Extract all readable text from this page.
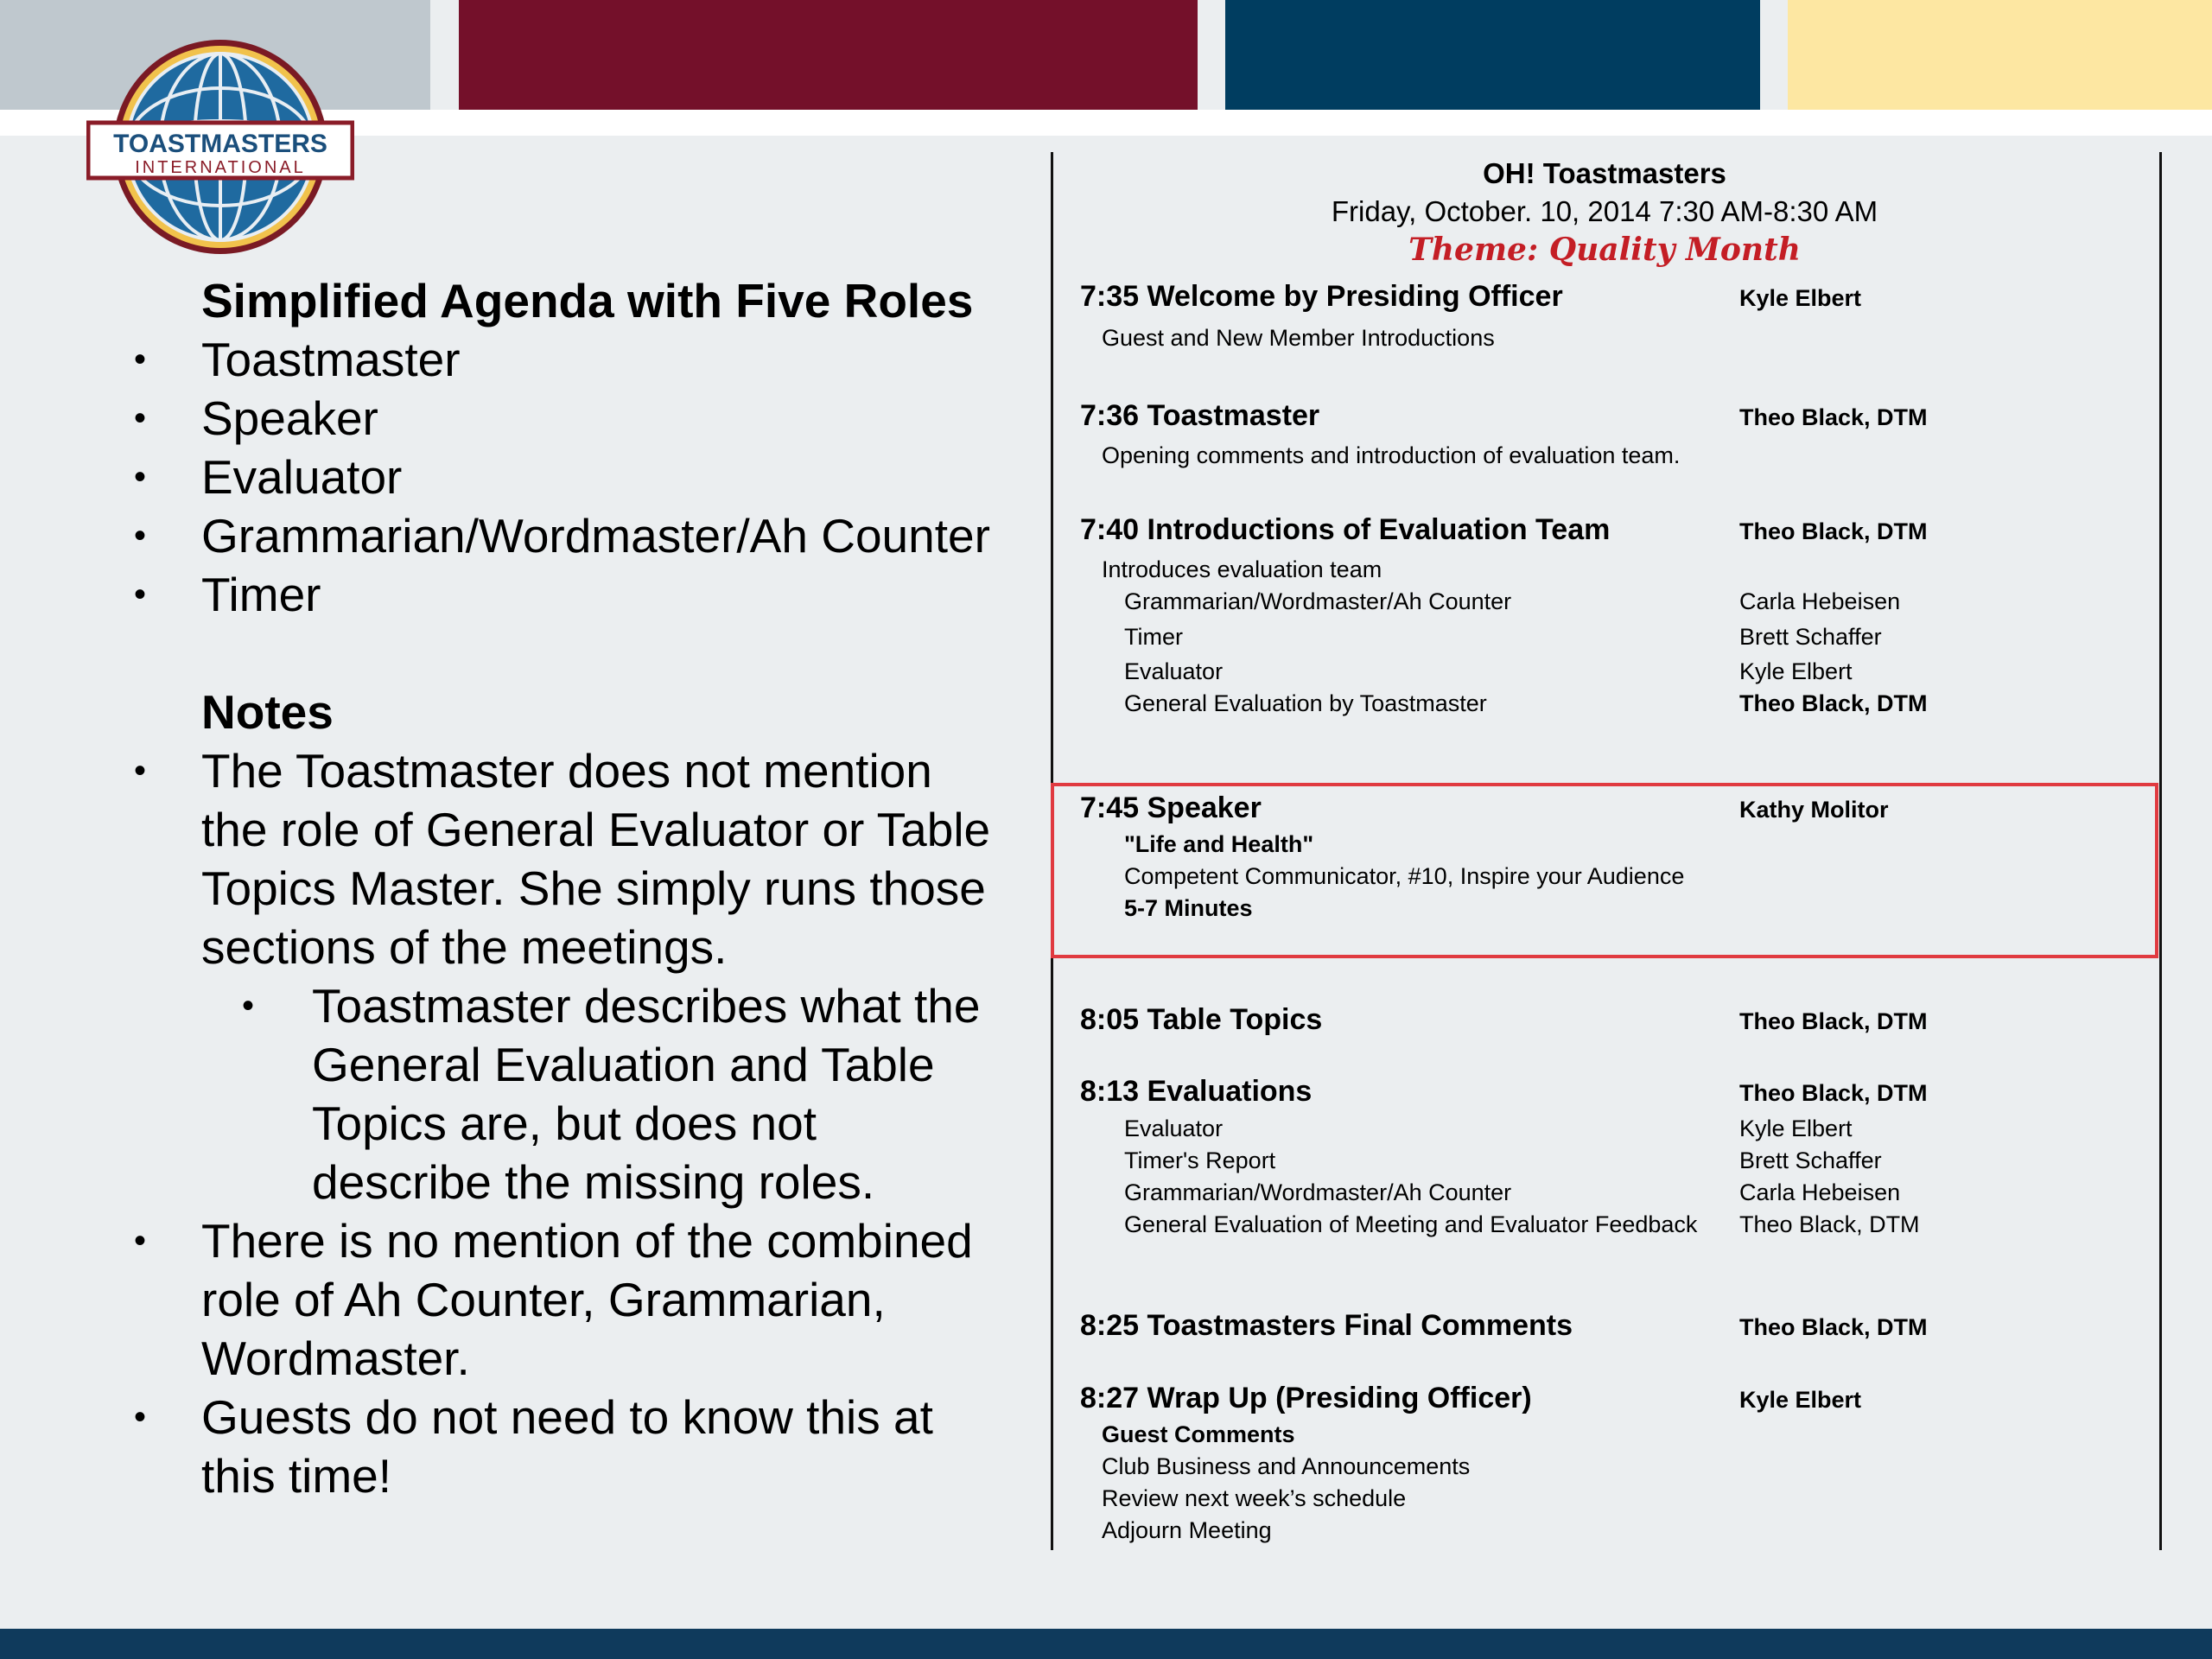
TOASTMASTERS
INTERNATIONAL
Simplified Agenda with Five Roles
• Toastmaster
• Speaker
• Evaluator
• Grammarian/Wordmaster/Ah Counter
• Timer
Notes
• The Toastmaster does not mention
the role of General Evaluator or Table
Topics Master. She simply runs those
sections of the meetings.
• Toastmaster describes what the
General Evaluation and Table
Topics are, but does not
describe the missing roles.
• There is no mention of the combined
role of Ah Counter, Grammarian,
Wordmaster.
• Guests do not need to know this at
this time!
OH! Toastmasters
Friday, October. 10, 2014 7:30 AM-8:30 AM
Theme: Quality Month
7:35 Welcome by Presiding Officer	Kyle Elbert
Guest and New Member Introductions
7:36 Toastmaster	Theo Black, DTM
Opening comments and introduction of evaluation team.
7:40 Introductions of Evaluation Team	Theo Black, DTM
Introduces evaluation team
Grammarian/Wordmaster/Ah Counter	Carla Hebeisen
Timer	Brett Schaffer
Evaluator	Kyle Elbert
General Evaluation by Toastmaster	Theo Black, DTM
7:45 Speaker	Kathy Molitor
"Life and Health"
Competent Communicator, #10, Inspire your Audience
5-7 Minutes
8:05 Table Topics	Theo Black, DTM
8:13 Evaluations	Theo Black, DTM
Evaluator	Kyle Elbert
Timer's Report	Brett Schaffer
Grammarian/Wordmaster/Ah Counter	Carla Hebeisen
General Evaluation of Meeting and Evaluator Feedback Theo Black, DTM
8:25 Toastmasters Final Comments	Theo Black, DTM
8:27 Wrap Up (Presiding Officer)	Kyle Elbert
Guest Comments
Club Business and Announcements
Review next week’s schedule
Adjourn Meeting
